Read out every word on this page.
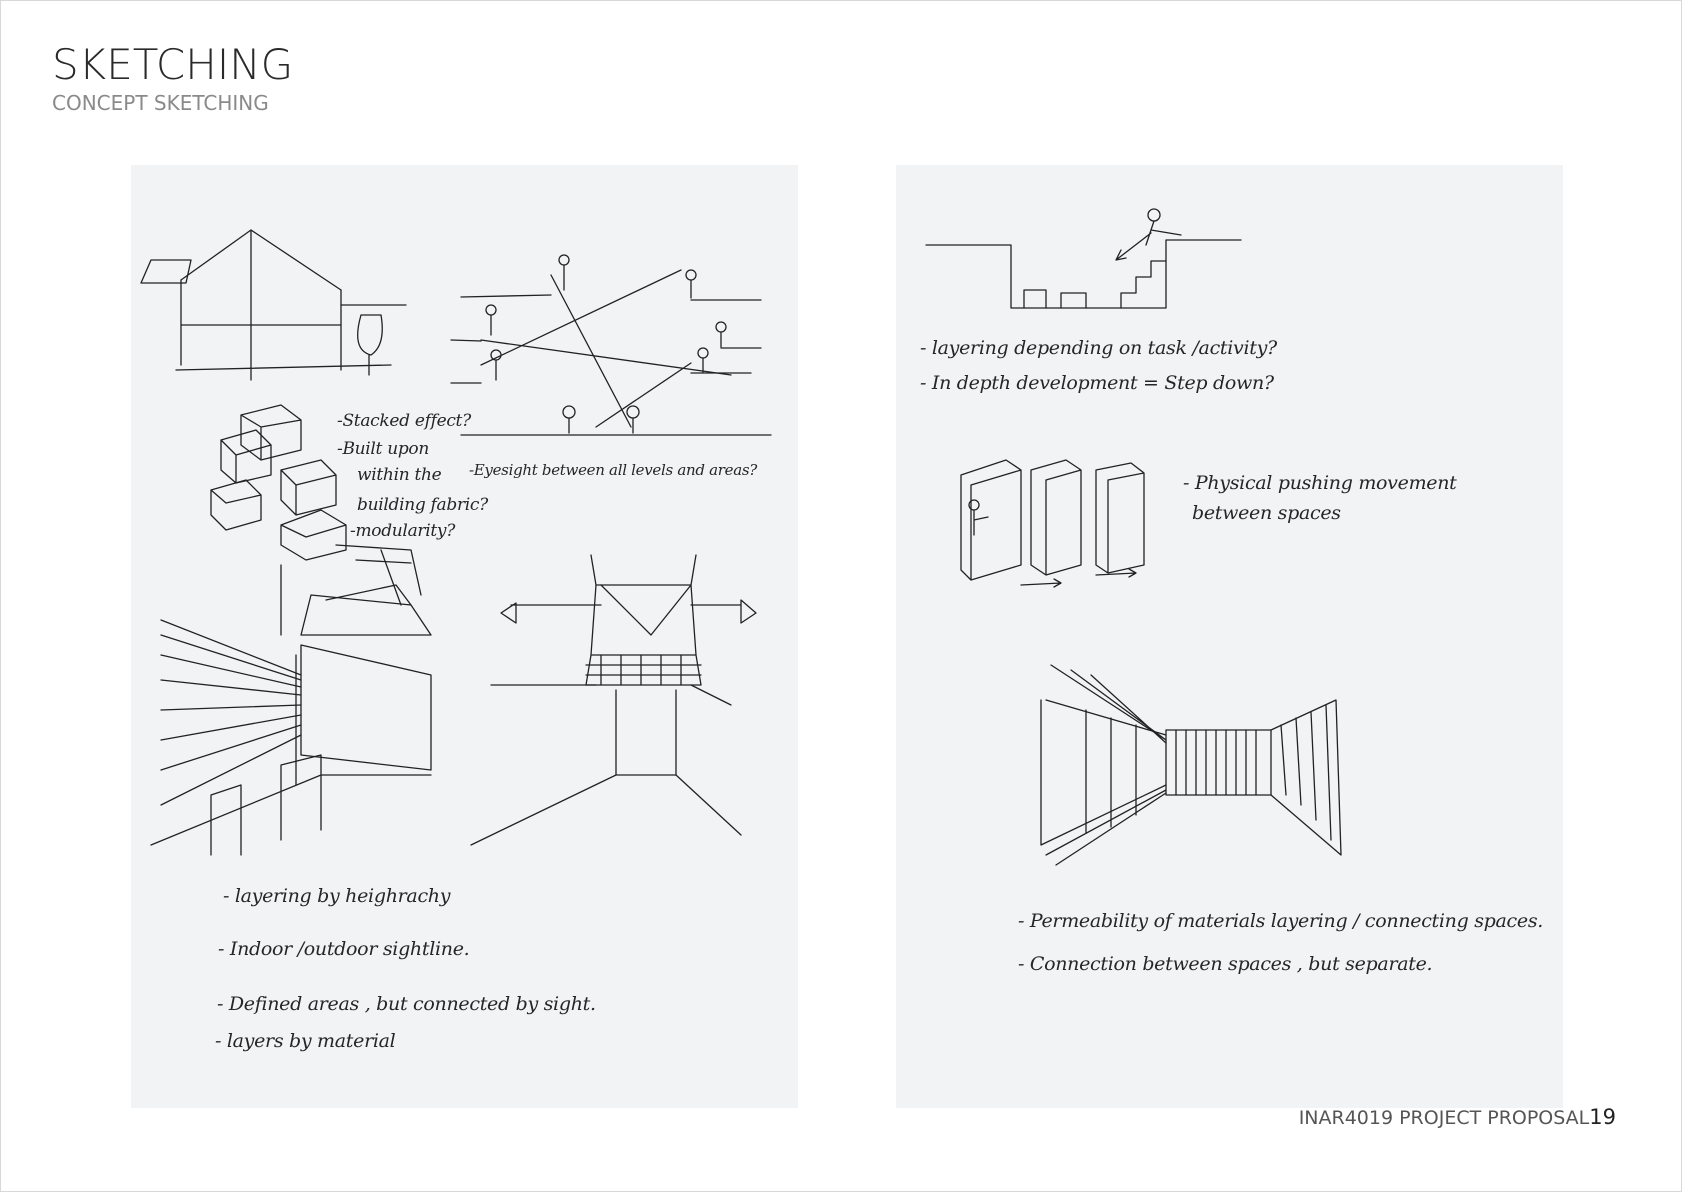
SKETCHING
CONCEPT SKETCHING
-Stacked effect?
-Built upon
within the
building fabric?
-modularity?
-Eyesight between all levels and areas?
- layering by heighrachy
- Indoor /outdoor sightline.
- Defined areas , but connected by sight.
- layers by material
- layering depending on task /activity?
- In depth development = Step down?
- Physical pushing movement
between spaces
- Permeability of materials layering / connecting spaces.
- Connection between spaces , but separate.
INAR4019 PROJECT PROPOSAL19
